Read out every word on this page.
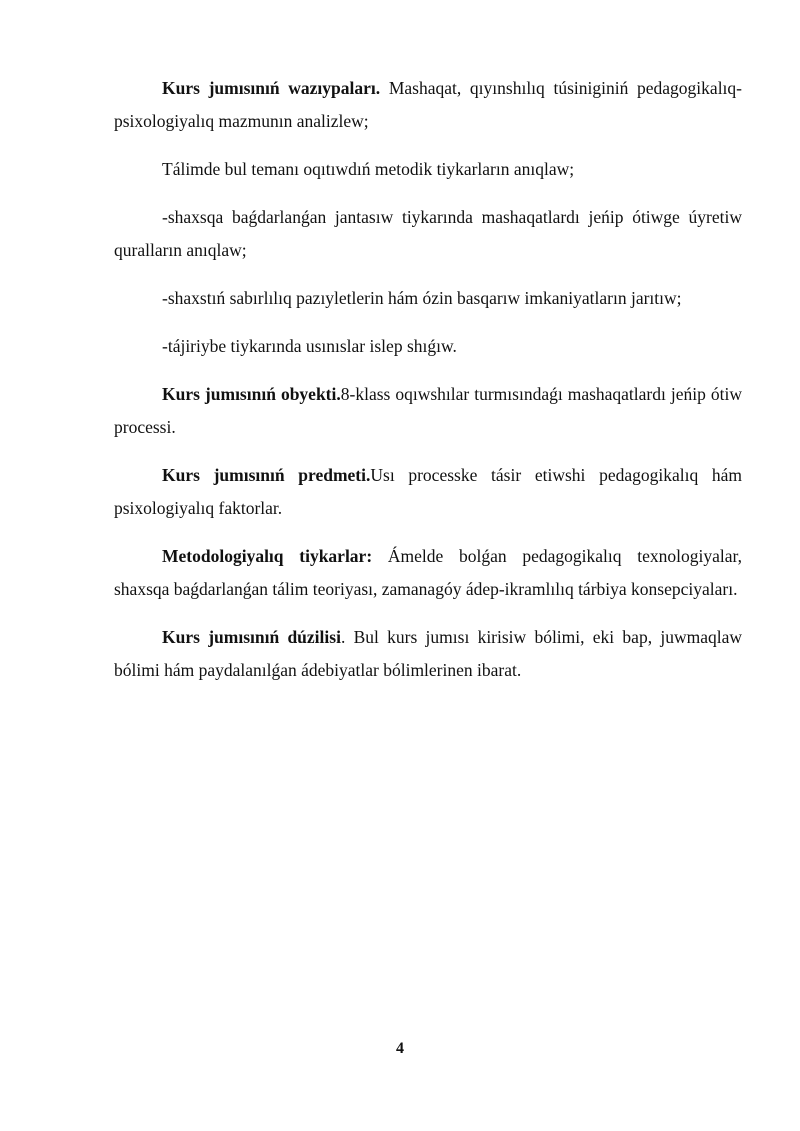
Kurs jumısınıń wazıypaları. Mashaqat, qıyınshılıq túsiniginiń pedagogikalıq-psixologiyalıq mazmunın analizlew;

Tálimde bul temanı oqıtıwdıń metodik tiykarların anıqlaw;

-shaxsqa baǵdarlanǵan jantasıw tiykarında mashaqatlardı jeńip ótiwge úyretiw quralların anıqlaw;

-shaxstıń sabırlılıq pazıyletlerin hám ózin basqarıw imkaniyatların jarıtıw;

-tájiriybe tiykarında usınıslar islep shıǵıw.

Kurs jumısınıń obyekti.8-klass oqıwshılar turmısındaǵı mashaqatlardı jeńip ótiw processi.

Kurs jumısınıń predmeti.Usı processke tásir etiwshi pedagogikalıq hám psixologiyalıq faktorlar.

Metodologiyalıq tiykarlar: Ámelde bolǵan pedagogikalıq texnologiyalar, shaxsqa baǵdarlanǵan tálim teoriyası, zamanagóy ádep-ikramlılıq tárbiya konsepciyaları.

Kurs jumısınıń dúzilisi. Bul kurs jumısı kirisiw bólimi, eki bap, juwmaqlaw bólimi hám paydalanılǵan ádebiyatlar bólimlerinen ibarat.

4
